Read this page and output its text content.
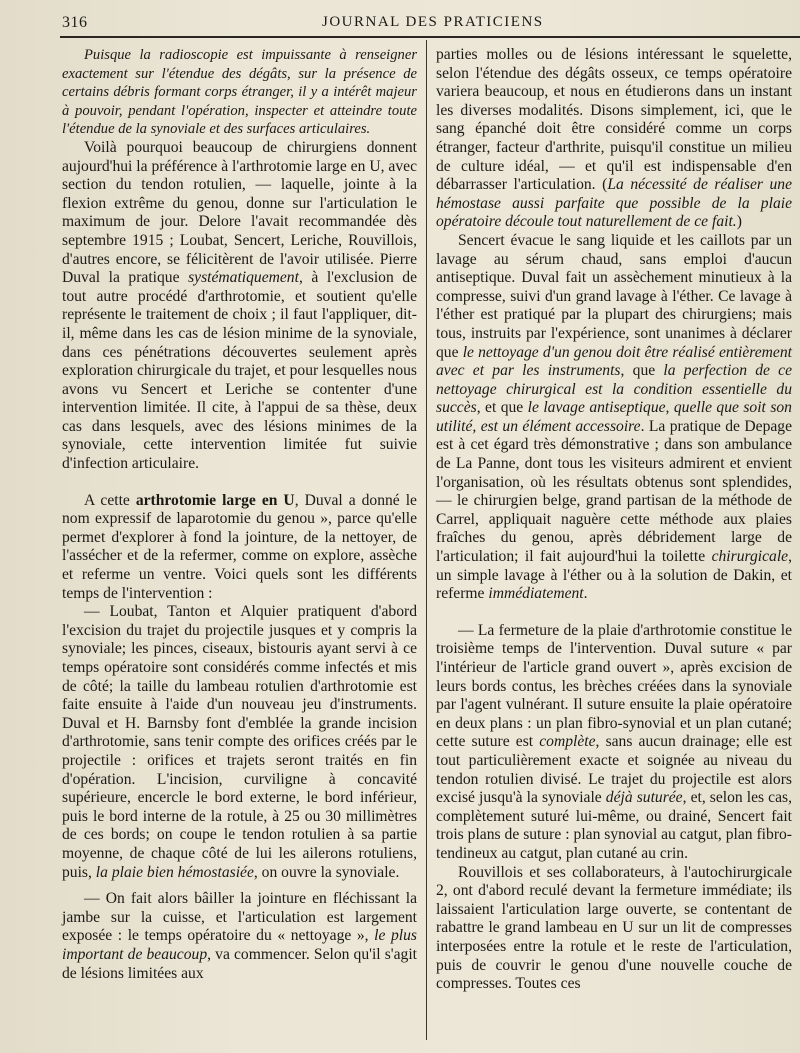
316	JOURNAL DES PRATICIENS

Puisque la radioscopie est impuissante à renseigner exactement sur l'étendue des dégâts, sur la présence de certains débris formant corps étranger, il y a intérêt majeur à pouvoir, pendant l'opération, inspecter et atteindre toute l'étendue de la synoviale et des surfaces articulaires.

Voilà pourquoi beaucoup de chirurgiens donnent aujourd'hui la préférence à l'arthrotomie large en U, avec section du tendon rotulien, — laquelle, jointe à la flexion extrême du genou, donne sur l'articulation le maximum de jour. Delore l'avait recommandée dès septembre 1915 ; Loubat, Sencert, Leriche, Rouvillois, d'autres encore, se félicitèrent de l'avoir utilisée. Pierre Duval la pratique systématiquement, à l'exclusion de tout autre procédé d'arthrotomie, et soutient qu'elle représente le traitement de choix ; il faut l'appliquer, dit-il, même dans les cas de lésion minime de la synoviale, dans ces pénétrations découvertes seulement après exploration chirurgicale du trajet, et pour lesquelles nous avons vu Sencert et Leriche se contenter d'une intervention limitée. Il cite, à l'appui de sa thèse, deux cas dans lesquels, avec des lésions minimes de la synoviale, cette intervention limitée fut suivie d'infection articulaire.

A cette arthrotomie large en U, Duval a donné le nom expressif de laparotomie du genou », parce qu'elle permet d'explorer à fond la jointure, de la nettoyer, de l'assécher et de la refermer, comme on explore, assèche et referme un ventre. Voici quels sont les différents temps de l'intervention :

— Loubat, Tanton et Alquier pratiquent d'abord l'excision du trajet du projectile jusques et y compris la synoviale; les pinces, ciseaux, bistouris ayant servi à ce temps opératoire sont considérés comme infectés et mis de côté; la taille du lambeau rotulien d'arthrotomie est faite ensuite à l'aide d'un nouveau jeu d'instruments. Duval et H. Barnsby font d'emblée la grande incision d'arthrotomie, sans tenir compte des orifices créés par le projectile : orifices et trajets seront traités en fin d'opération. L'incision, curviligne à concavité supérieure, encercle le bord externe, le bord inférieur, puis le bord interne de la rotule, à 25 ou 30 millimètres de ces bords; on coupe le tendon rotulien à sa partie moyenne, de chaque côté de lui les ailerons rotuliens, puis, la plaie bien hémostasiée, on ouvre la synoviale.

— On fait alors bâiller la jointure en fléchissant la jambe sur la cuisse, et l'articulation est largement exposée : le temps opératoire du « nettoyage », le plus important de beaucoup, va commencer. Selon qu'il s'agit de lésions limitées aux

parties molles ou de lésions intéressant le squelette, selon l'étendue des dégâts osseux, ce temps opératoire variera beaucoup, et nous en étudierons dans un instant les diverses modalités. Disons simplement, ici, que le sang épanché doit être considéré comme un corps étranger, facteur d'arthrite, puisqu'il constitue un milieu de culture idéal, — et qu'il est indispensable d'en débarrasser l'articulation. (La nécessité de réaliser une hémostase aussi parfaite que possible de la plaie opératoire découle tout naturellement de ce fait.)

Sencert évacue le sang liquide et les caillots par un lavage au sérum chaud, sans emploi d'aucun antiseptique. Duval fait un assèchement minutieux à la compresse, suivi d'un grand lavage à l'éther. Ce lavage à l'éther est pratiqué par la plupart des chirurgiens; mais tous, instruits par l'expérience, sont unanimes à déclarer que le nettoyage d'un genou doit être réalisé entièrement avec et par les instruments, que la perfection de ce nettoyage chirurgical est la condition essentielle du succès, et que le lavage antiseptique, quelle que soit son utilité, est un élément accessoire. La pratique de Depage est à cet égard très démonstrative ; dans son ambulance de La Panne, dont tous les visiteurs admirent et envient l'organisation, où les résultats obtenus sont splendides, — le chirurgien belge, grand partisan de la méthode de Carrel, appliquait naguère cette méthode aux plaies fraîches du genou, après débridement large de l'articulation; il fait aujourd'hui la toilette chirurgicale, un simple lavage à l'éther ou à la solution de Dakin, et referme immédiatement.

— La fermeture de la plaie d'arthrotomie constitue le troisième temps de l'intervention. Duval suture « par l'intérieur de l'article grand ouvert », après excision de leurs bords contus, les brèches créées dans la synoviale par l'agent vulnérant. Il suture ensuite la plaie opératoire en deux plans : un plan fibro-synovial et un plan cutané; cette suture est complète, sans aucun drainage; elle est tout particulièrement exacte et soignée au niveau du tendon rotulien divisé. Le trajet du projectile est alors excisé jusqu'à la synoviale déjà suturée, et, selon les cas, complètement suturé lui-même, ou drainé, Sencert fait trois plans de suture : plan synovial au catgut, plan fibro-tendineux au catgut, plan cutané au crin.

Rouvillois et ses collaborateurs, à l'autochirurgicale 2, ont d'abord reculé devant la fermeture immédiate; ils laissaient l'articulation large ouverte, se contentant de rabattre le grand lambeau en U sur un lit de compresses interposées entre la rotule et le reste de l'articulation, puis de couvrir le genou d'une nouvelle couche de compresses. Toutes ces
